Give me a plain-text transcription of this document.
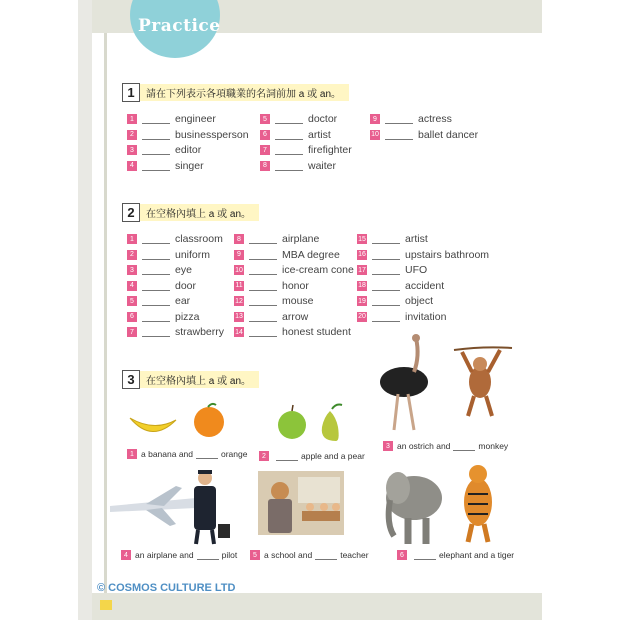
Practice
1	請在下列表示各項職業的名詞前加 a 或 an。
1	engineer
2	businessperson
3	editor
4	singer
5	doctor
6	artist
7	firefighter
8	waiter
9	actress
10	ballet dancer
2	在空格內填上 a 或 an。
1	classroom
2	uniform
3	eye
4	door
5	ear
6	pizza
7	strawberry
8	airplane
9	MBA degree
10	ice-cream cone
11	honor
12	mouse
13	arrow
14	honest student
15	artist
16	upstairs bathroom
17	UFO
18	accident
19	object
20	invitation
3	在空格內填上 a 或 an。
1 a banana and	orange	2	apple and a pear
3 an ostrich and	monkey
4 an airplane and	pilot	5 a school and	teacher	6	elephant and a tiger
© COSMOS CULTURE LTD
